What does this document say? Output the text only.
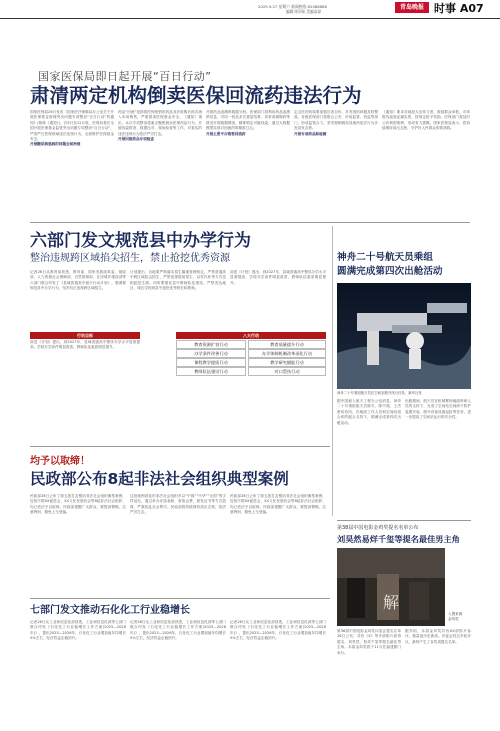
2025.9.27 星期六 新闻热线 82488888
编辑刘洋瑞 美编高原
青岛晚报 时事 A07
国家医保局即日起开展“百日行动”
肃清两定机构倒卖医保回流药违法行为
国家医保局26日发布《国家医疗保障局办公室关于开展医保基金管理突出问题专项整治“百日行动”的通知》(简称《通知》)，自9月至12月底，医保局将在全国开展医保基金监管突出问题专项整治“百日行动”，严查严打医保领域违法违规行为，全面维护医保基金安全。
开展糖尿病患病的问题全面治理
药品“回流”是指将医保报销的药品非法收购后再次流入市场销售，严重损害医保基金安全。《通知》指出，本次专项整治将重点聚焦倒卖医保药品行为，开展线索排查、数据比对、现场检查等工作，对查实的违法违规行为依法严厉打击。
开展回流药品专项检查
开展药品追溯码数据分析。医保部门将利用药品追溯码信息，对同一药品多次重复结算、异常高频购药等情况开展数据筛查，精准锁定可疑线索，通过大数据模型实现对回流药的精准打击。
开展主要平台销售回流药
定点医药机构要加强自查自纠，对发现的问题及时整改。各级医保部门将联合公安、市场监管、药监等部门，形成监管合力，坚决遏制倒卖回流药违法行为多发高发态势。
开展专项药品和检测
《通知》要求各地加大宣传力度，鼓励群众举报，对举报线索查证属实的，按规定给予奖励。医保部门将及时公布典型案例，形成有力震慑。国家医保局表示，将持续保持高压态势，守护好人民群众的救命钱。
六部门发文规范县中办学行为
整治违规跨区域掐尖招生，禁止抢挖优秀资源
记者26日从教育部获悉，教育部、国家发展改革委、财政部、人力资源社会保障部、自然资源部、住房城乡建设部等六部门联合印发了《县域普通高中振兴行动计划》，强调要规范县中办学行为，坚决纠正违规跨区域招生。
计划提出，各地要严格落实招生属地管理规定，严禁普通高中跨区域掐尖招生，严禁违规提前招生、以奖代补等方式变相抢挖生源。同时要强化县中教师队伍建设，严禁发达地区、城区学校到县中抢挖优秀校长和教师。
前述《计划》提出，到2027年，县域普通高中整体办学水平显著提高，学校办学条件明显改善，教师队伍素质明显提升。
行动目标	八大行动
前述《计划》提出，到2027年，县域普通高中整体办学水平显著提高，学校办学条件明显改善，教师队伍素质明显提升。
教育资源扩容行动	教育质量提升行动
办学条件改善行动	办学体制机制改革深化行动
课程教学提质行动	教学研究赋能行动
教师队伍建设行动	对口帮扶行动
神舟二十号航天员乘组
圆满完成第四次出舱活动
神舟二十号乘组航天员在空间站舱外执行任务。新华社发
据中国载人航天工程办公室消息，神舟二十号乘组航天员陈冬、陈中瑞、王杰密切协同，在地面工作人员和空间站组合体的配合支持下，圆满完成第四次出舱活动。
出舱期间，航天员在机械臂和地面科研人员的支持下，完成了空间站空间碎片防护装置安装、舱外设备设施巡检等任务，进一步提高了空间站运行的安全性。
均予以取缔！
民政部公布8起非法社会组织典型案例
民政部26日公布了第五批打击整治非法社会组织典型案例，包括中国XX促进会、XX文化发展协会等8起非法社会组织，均已依法予以取缔。民政部提醒广大群众，要提高警惕，注意辨别，避免上当受骗。
这批案例涉及的非法社会组织多以“中国”“中华”“全国”等字样冠名，通过举办评选表彰、收取会费、颁发证书等方式敛财，严重扰乱社会秩序。民政部将持续保持高压态势，依法严厉打击。
民政部26日公布了第五批打击整治非法社会组织典型案例，包括中国XX促进会、XX文化发展协会等8起非法社会组织，均已依法予以取缔。民政部提醒广大群众，要提高警惕，注意辨别，避免上当受骗。
七部门发文推动石化化工行业稳增长
记者26日从工业和信息化部获悉，工业和信息化部等七部门联合印发《石化化工行业稳增长工作方案(2025—2026年)》，提出2025—2026年，石化化工行业增加值年均增长5%左右，经济效益企稳回升。
记者26日从工业和信息化部获悉，工业和信息化部等七部门联合印发《石化化工行业稳增长工作方案(2025—2026年)》，提出2025—2026年，石化化工行业增加值年均增长5%左右，经济效益企稳回升。
记者26日从工业和信息化部获悉，工业和信息化部等七部门联合印发《石化化工行业稳增长工作方案(2025—2026年)》，提出2025—2026年，石化化工行业增加值年均增长5%左右，经济效益企稳回升。
第38届中国电影金鸡奖提名名单公布
刘昊然易烊千玺等提名最佳男主角
解
入围来源
金鸡奖
第38届中国电影金鸡奖评委会提名名单26日公布，共有《X》等多部影片获得提名，刘昊然、易烊千玺等提名最佳男主角。本届金鸡奖将于11月在福建厦门举行。
据介绍，本届金鸡奖共有XX部影片参评，数量创历史新高。评委会经过多轮评议，最终产生了各奖项提名名单。
